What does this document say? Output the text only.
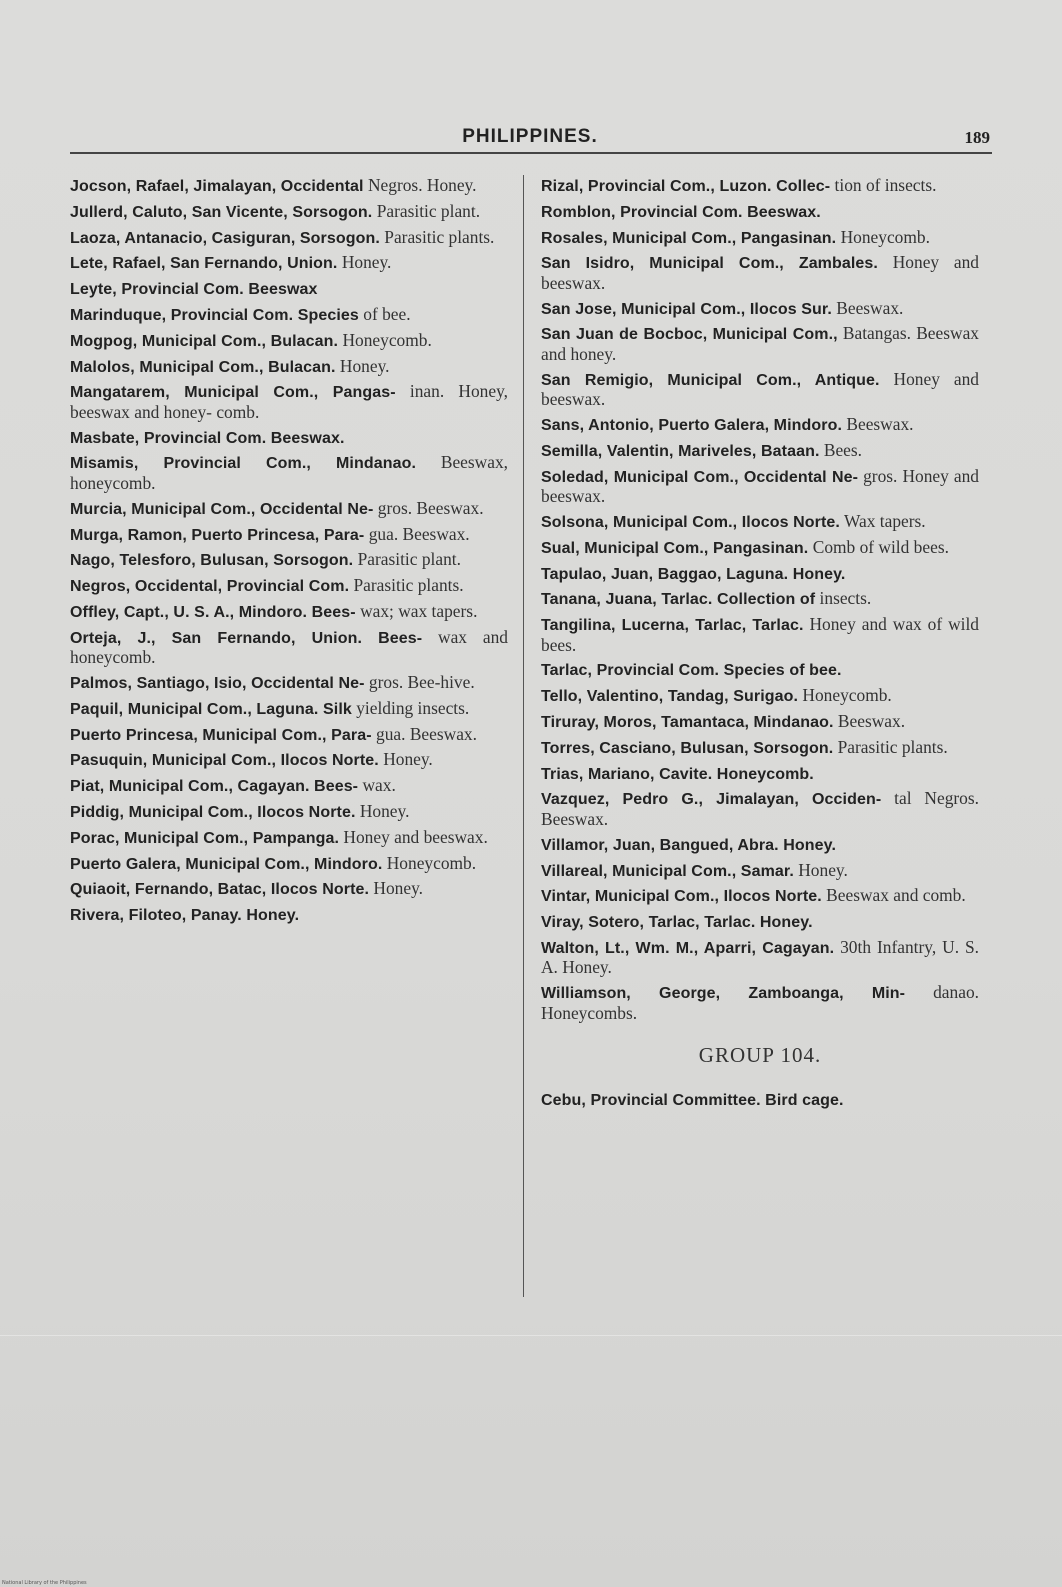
PHILIPPINES.	189
Jocson, Rafael, Jimalayan, Occidental Negros. Honey.
Jullerd, Caluto, San Vicente, Sorsogon. Parasitic plant.
Laoza, Antanacio, Casiguran, Sorsogon. Parasitic plants.
Lete, Rafael, San Fernando, Union. Honey.
Leyte, Provincial Com. Beeswax
Marinduque, Provincial Com. Species of bee.
Mogpog, Municipal Com., Bulacan. Honeycomb.
Malolos, Municipal Com., Bulacan. Honey.
Mangatarem, Municipal Com., Pangas- inan. Honey, beeswax and honey- comb.
Masbate, Provincial Com. Beeswax.
Misamis, Provincial Com., Mindanao. Beeswax, honeycomb.
Murcia, Municipal Com., Occidental Ne- gros. Beeswax.
Murga, Ramon, Puerto Princesa, Para- gua. Beeswax.
Nago, Telesforo, Bulusan, Sorsogon. Parasitic plant.
Negros, Occidental, Provincial Com. Parasitic plants.
Offley, Capt., U. S. A., Mindoro. Bees- wax; wax tapers.
Orteja, J., San Fernando, Union. Bees- wax and honeycomb.
Palmos, Santiago, Isio, Occidental Ne- gros. Bee-hive.
Paquil, Municipal Com., Laguna. Silk yielding insects.
Puerto Princesa, Municipal Com., Para- gua. Beeswax.
Pasuquin, Municipal Com., Ilocos Norte. Honey.
Piat, Municipal Com., Cagayan. Bees- wax.
Piddig, Municipal Com., Ilocos Norte. Honey.
Porac, Municipal Com., Pampanga. Honey and beeswax.
Puerto Galera, Municipal Com., Mindoro. Honeycomb.
Quiaoit, Fernando, Batac, Ilocos Norte. Honey.
Rivera, Filoteo, Panay. Honey.
Rizal, Provincial Com., Luzon. Collec- tion of insects.
Romblon, Provincial Com. Beeswax.
Rosales, Municipal Com., Pangasinan. Honeycomb.
San Isidro, Municipal Com., Zambales. Honey and beeswax.
San Jose, Municipal Com., Ilocos Sur. Beeswax.
San Juan de Bocboc, Municipal Com., Batangas. Beeswax and honey.
San Remigio, Municipal Com., Antique. Honey and beeswax.
Sans, Antonio, Puerto Galera, Mindoro. Beeswax.
Semilla, Valentin, Mariveles, Bataan. Bees.
Soledad, Municipal Com., Occidental Ne- gros. Honey and beeswax.
Solsona, Municipal Com., Ilocos Norte. Wax tapers.
Sual, Municipal Com., Pangasinan. Comb of wild bees.
Tapulao, Juan, Baggao, Laguna. Honey.
Tanana, Juana, Tarlac. Collection of insects.
Tangilina, Lucerna, Tarlac, Tarlac. Honey and wax of wild bees.
Tarlac, Provincial Com. Species of bee.
Tello, Valentino, Tandag, Surigao. Honeycomb.
Tiruray, Moros, Tamantaca, Mindanao. Beeswax.
Torres, Casciano, Bulusan, Sorsogon. Parasitic plants.
Trias, Mariano, Cavite. Honeycomb.
Vazquez, Pedro G., Jimalayan, Occiden- tal Negros. Beeswax.
Villamor, Juan, Bangued, Abra. Honey.
Villareal, Municipal Com., Samar. Honey.
Vintar, Municipal Com., Ilocos Norte. Beeswax and comb.
Viray, Sotero, Tarlac, Tarlac. Honey.
Walton, Lt., Wm. M., Aparri, Cagayan. 30th Infantry, U. S. A. Honey.
Williamson, George, Zamboanga, Min- danao. Honeycombs.
GROUP 104.
Cebu, Provincial Committee. Bird cage.
National Library of the Philippines
